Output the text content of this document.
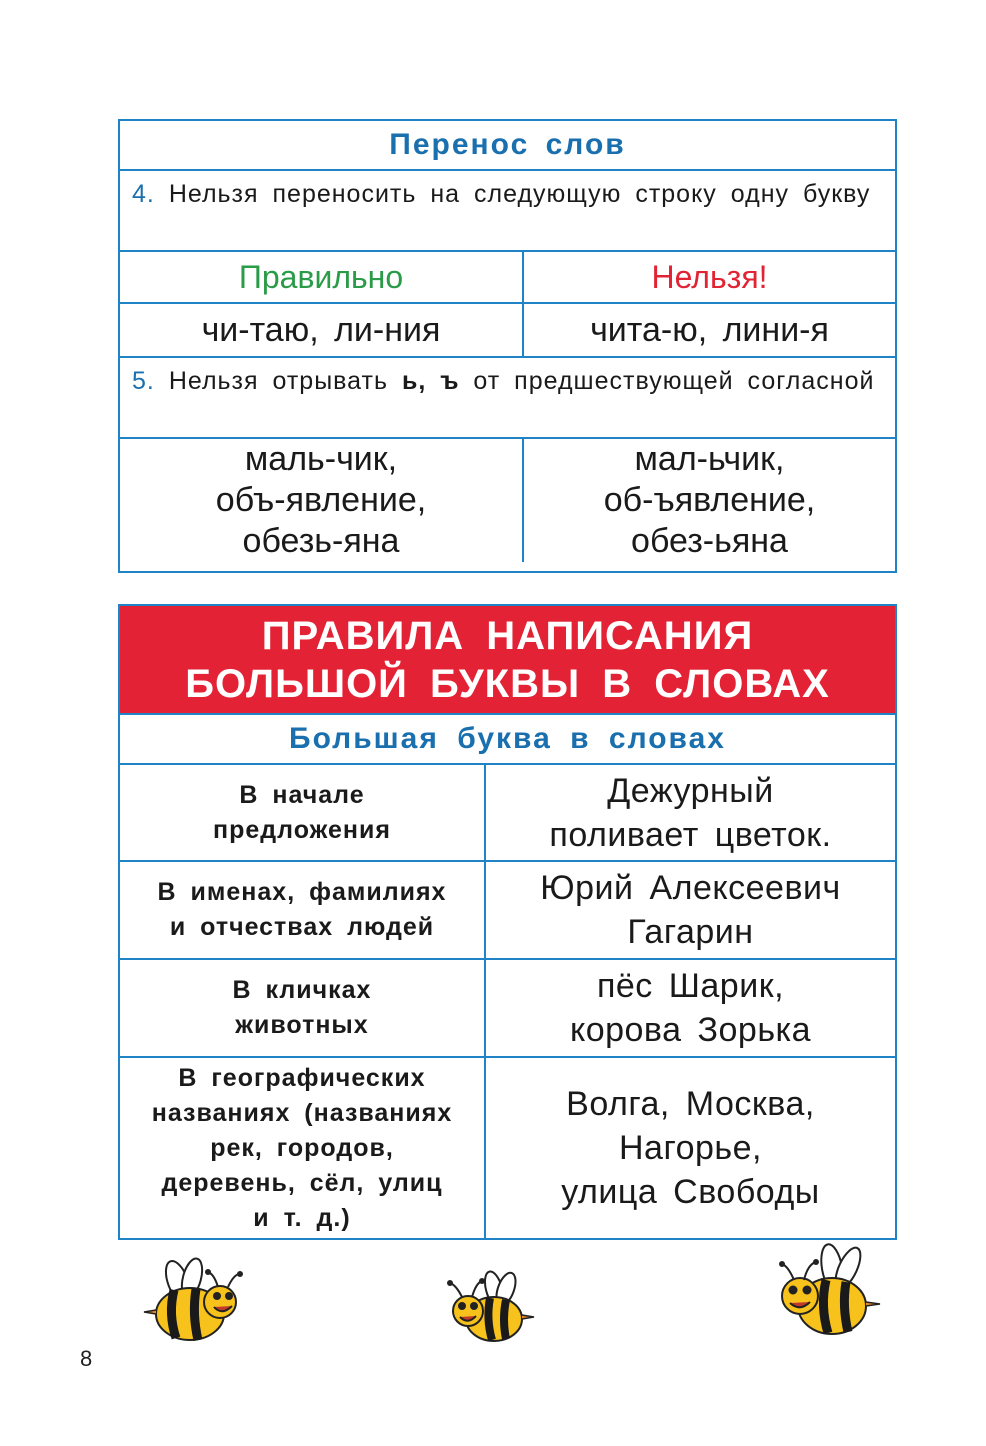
Перенос слов
4. Нельзя переносить на следующую строку одну букву
Правильно	Нельзя!
чи-таю, ли-ния	чита-ю, лини-я
5. Нельзя отрывать ь, ъ от предшествующей согласной
маль-чик,
объ-явление,
обезь-яна
мал-ьчик,
об-ъявление,
обез-ьяна
ПРАВИЛА НАПИСАНИЯ
БОЛЬШОЙ БУКВЫ В СЛОВАХ
Большая буква в словах
В начале
предложения
Дежурный
поливает цветок.
В именах, фамилиях
и отчествах людей
Юрий Алексеевич
Гагарин
В кличках
животных
пёс Шарик,
корова Зорька
В географических
названиях (названиях
рек, городов,
деревень, сёл, улиц
и т. д.)
Волга, Москва,
Нагорье,
улица Свободы
8
